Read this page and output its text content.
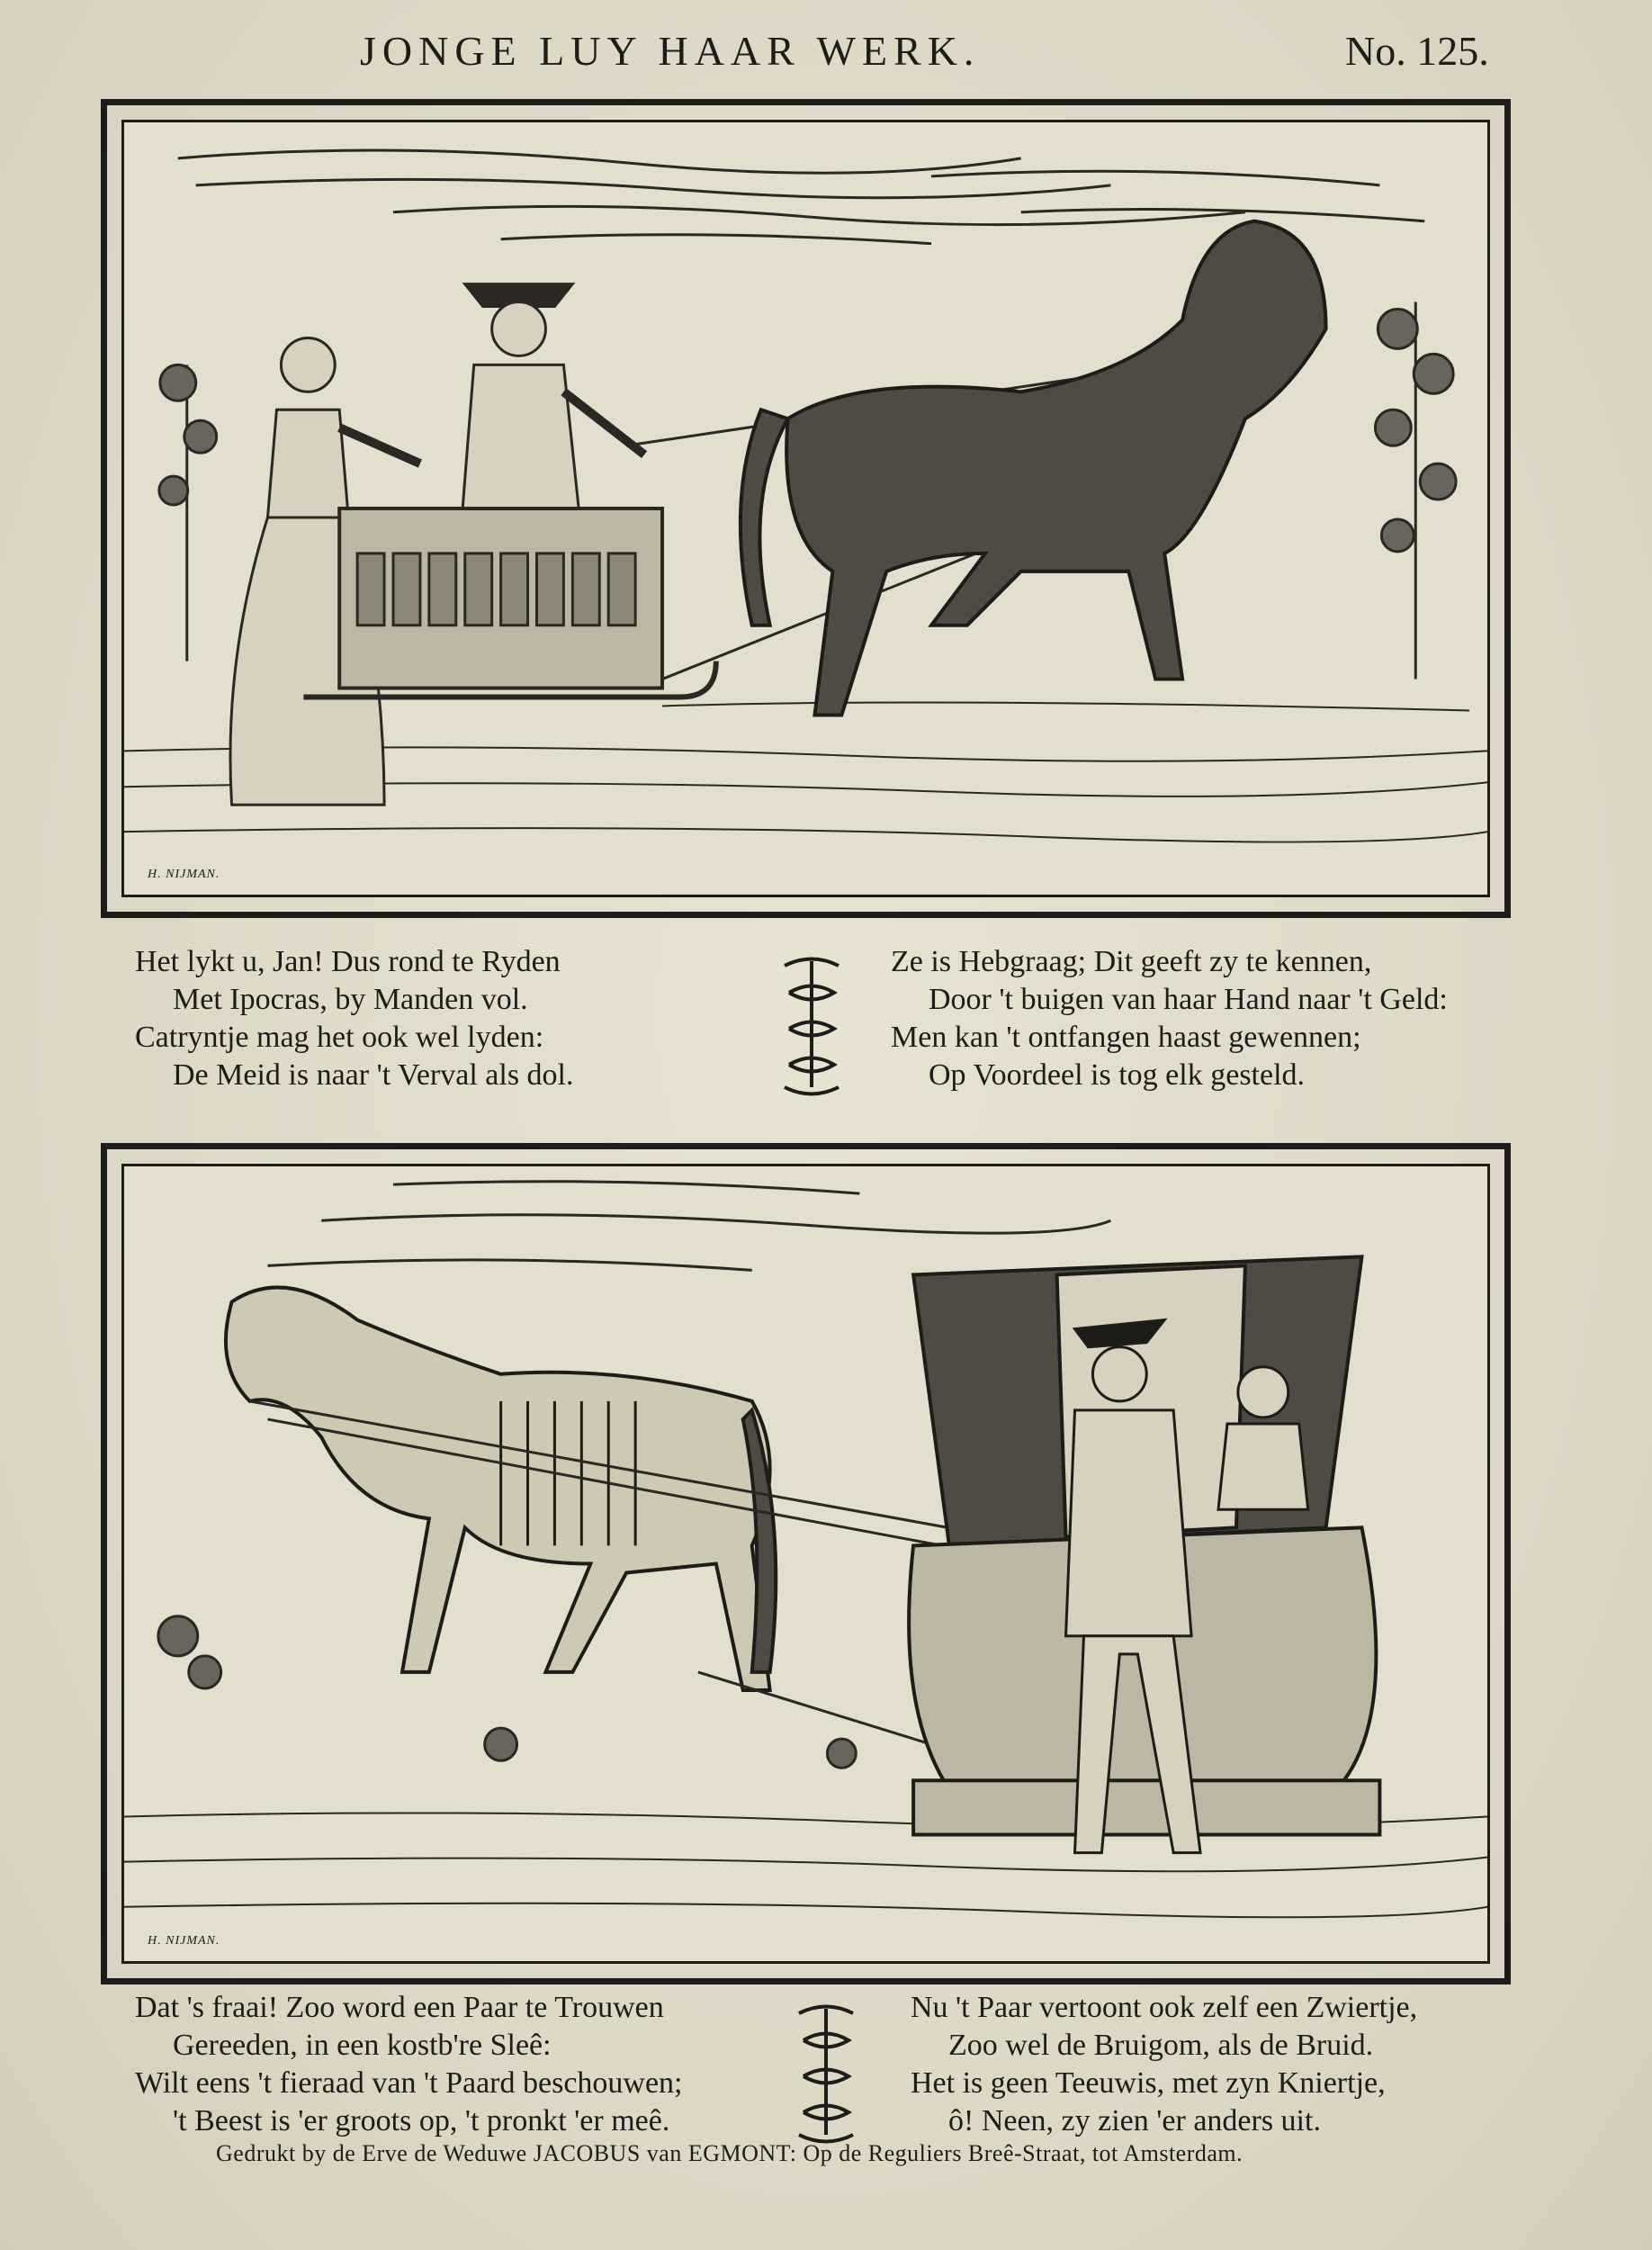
JONGE LUY HAAR WERK.	No. 125.
H. NIJMAN.
Het lykt u, Jan! Dus rond te Ryden
Met Ipocras, by Manden vol.
Catryntje mag het ook wel lyden:
De Meid is naar 't Verval als dol.
Ze is Hebgraag; Dit geeft zy te kennen,
Door 't buigen van haar Hand naar 't Geld:
Men kan 't ontfangen haast gewennen;
Op Voordeel is tog elk gesteld.
H. NIJMAN.
Dat 's fraai! Zoo word een Paar te Trouwen
Gereeden, in een kostb're Sleê:
Wilt eens 't fieraad van 't Paard beschouwen;
't Beest is 'er groots op, 't pronkt 'er meê.
Nu 't Paar vertoont ook zelf een Zwiertje,
Zoo wel de Bruigom, als de Bruid.
Het is geen Teeuwis, met zyn Kniertje,
ô! Neen, zy zien 'er anders uit.
Gedrukt by de Erve de Weduwe JACOBUS van EGMONT: Op de Reguliers Breê-Straat, tot Amsterdam.
